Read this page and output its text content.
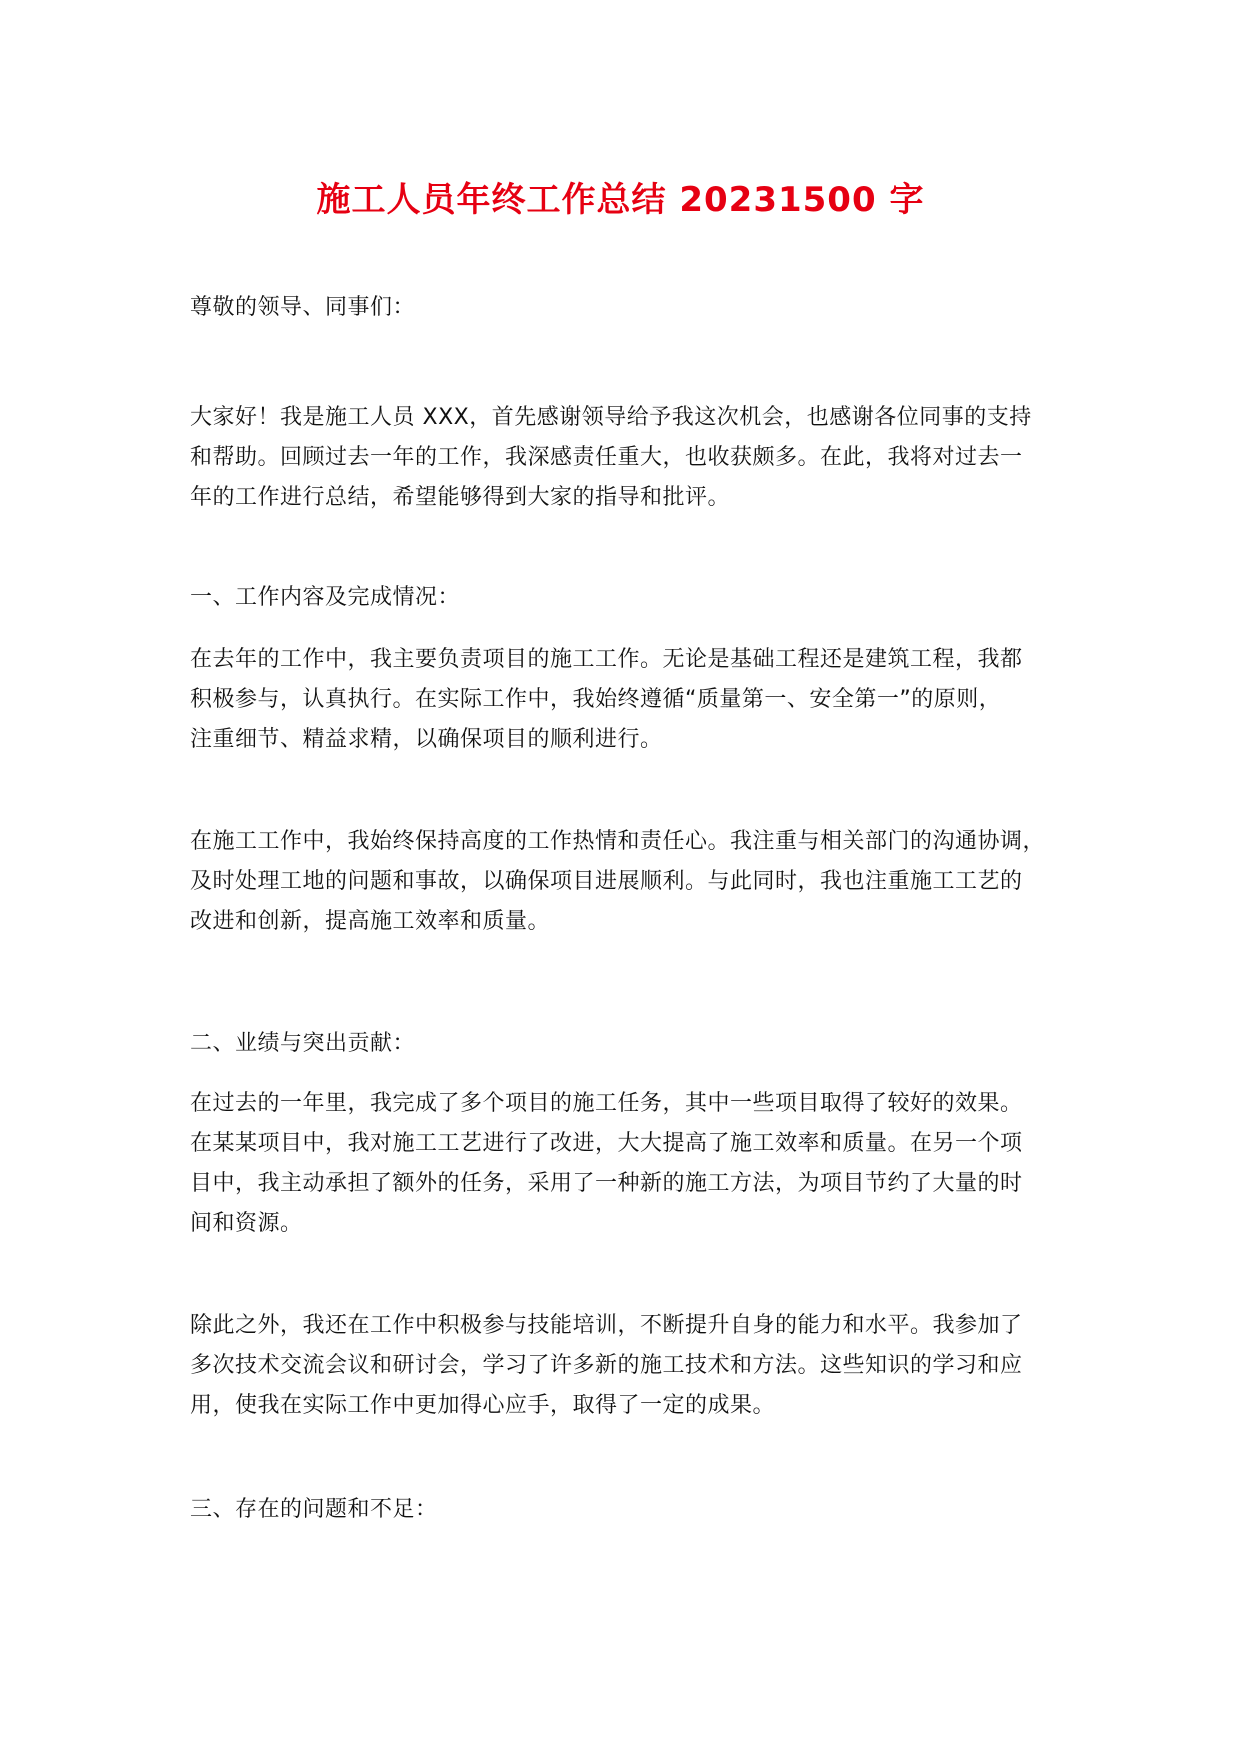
施工人员年终工作总结 20231500 字

尊敬的领导、同事们：

大家好！我是施工人员 XXX，首先感谢领导给予我这次机会，也感谢各位同事的支持

和帮助。回顾过去一年的工作，我深感责任重大，也收获颇多。在此，我将对过去一

年的工作进行总结，希望能够得到大家的指导和批评。

一、工作内容及完成情况：

在去年的工作中，我主要负责项目的施工工作。无论是基础工程还是建筑工程，我都

积极参与，认真执行。在实际工作中，我始终遵循“质量第一、安全第一”的原则，

注重细节、精益求精，以确保项目的顺利进行。

在施工工作中，我始终保持高度的工作热情和责任心。我注重与相关部门的沟通协调，

及时处理工地的问题和事故，以确保项目进展顺利。与此同时，我也注重施工工艺的

改进和创新，提高施工效率和质量。

二、业绩与突出贡献：

在过去的一年里，我完成了多个项目的施工任务，其中一些项目取得了较好的效果。

在某某项目中，我对施工工艺进行了改进，大大提高了施工效率和质量。在另一个项

目中，我主动承担了额外的任务，采用了一种新的施工方法，为项目节约了大量的时

间和资源。

除此之外，我还在工作中积极参与技能培训，不断提升自身的能力和水平。我参加了

多次技术交流会议和研讨会，学习了许多新的施工技术和方法。这些知识的学习和应

用，使我在实际工作中更加得心应手，取得了一定的成果。

三、存在的问题和不足：
